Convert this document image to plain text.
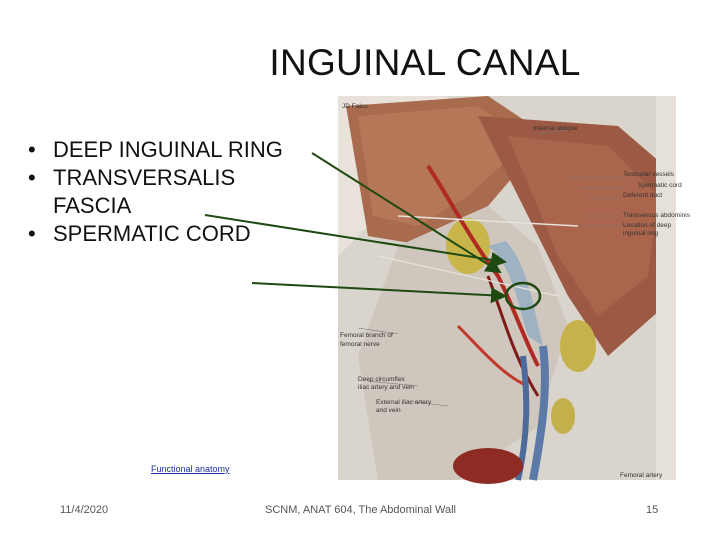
INGUINAL CANAL
• DEEP INGUINAL RING
• TRANSVERSALIS FASCIA
• SPERMATIC CORD
JD Falco
Internal oblique
Testicular vessels
Spermatic cord
Deferent duct
Transversus abdominis
Location of deep
inguinal ring
Femoral branch of
femoral nerve
Deep circumflex
iliac artery and vein
External iliac artery
and vein
Femoral artery
Functional anatomy
11/4/2020	SCNM, ANAT 604, The Abdominal Wall	15
